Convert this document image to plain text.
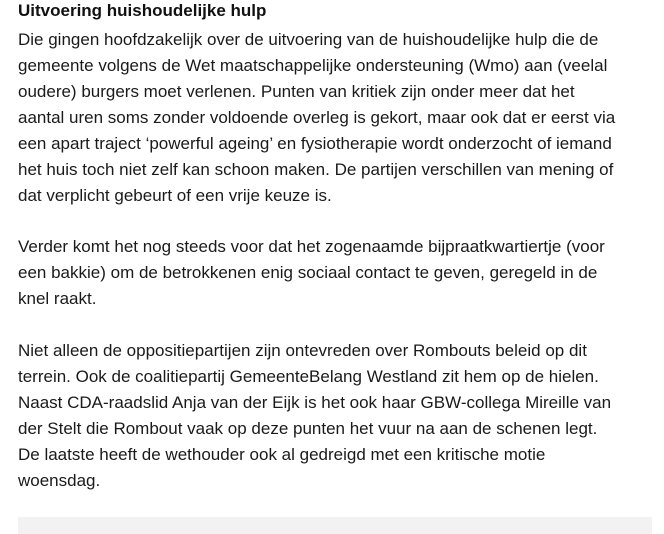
Uitvoering huishoudelijke hulp

Die gingen hoofdzakelijk over de uitvoering van de huishoudelijke hulp die de
gemeente volgens de Wet maatschappelijke ondersteuning (Wmo) aan (veelal
oudere) burgers moet verlenen. Punten van kritiek zijn onder meer dat het
aantal uren soms zonder voldoende overleg is gekort, maar ook dat er eerst via
een apart traject ‘powerful ageing’ en fysiotherapie wordt onderzocht of iemand
het huis toch niet zelf kan schoon maken. De partijen verschillen van mening of
dat verplicht gebeurt of een vrije keuze is.

Verder komt het nog steeds voor dat het zogenaamde bijpraatkwartiertje (voor
een bakkie) om de betrokkenen enig sociaal contact te geven, geregeld in de
knel raakt.

Niet alleen de oppositiepartijen zijn ontevreden over Rombouts beleid op dit
terrein. Ook de coalitiepartij GemeenteBelang Westland zit hem op de hielen.
Naast CDA-raadslid Anja van der Eijk is het ook haar GBW-collega Mireille van
der Stelt die Rombout vaak op deze punten het vuur na aan de schenen legt.
De laatste heeft de wethouder ook al gedreigd met een kritische motie
woensdag.
